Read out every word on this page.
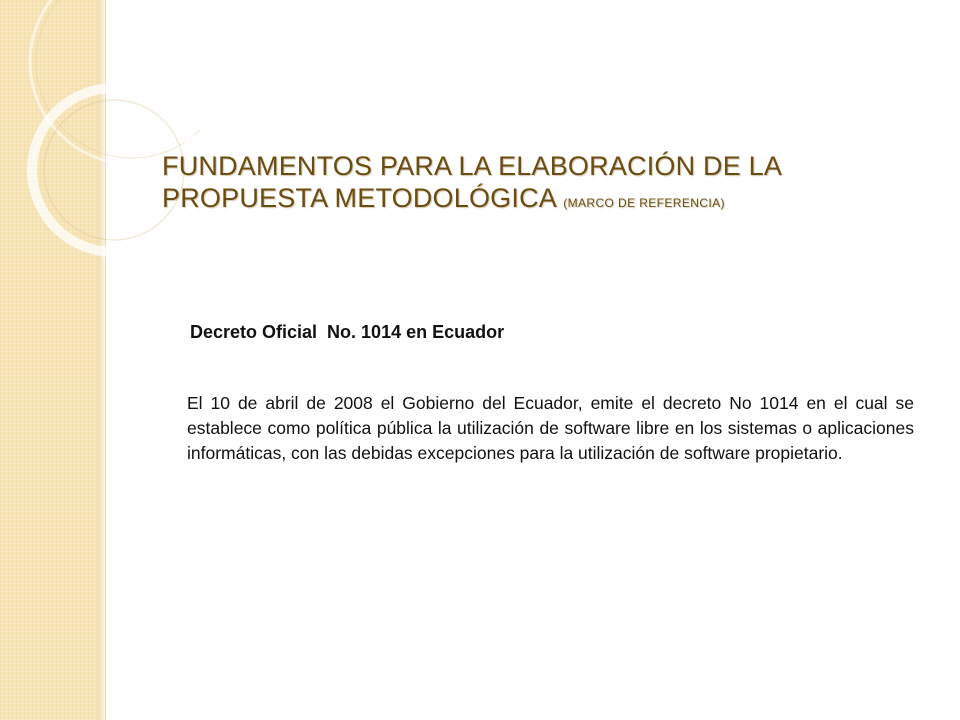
FUNDAMENTOS PARA LA ELABORACIÓN DE LA PROPUESTA METODOLÓGICA (MARCO DE REFERENCIA)

Decreto Oficial  No. 1014 en Ecuador

El 10 de abril de 2008 el Gobierno del Ecuador, emite el decreto No 1014 en el cual se establece como política pública la utilización de software libre en los sistemas o aplicaciones informáticas, con las debidas excepciones para la utilización de software propietario.
